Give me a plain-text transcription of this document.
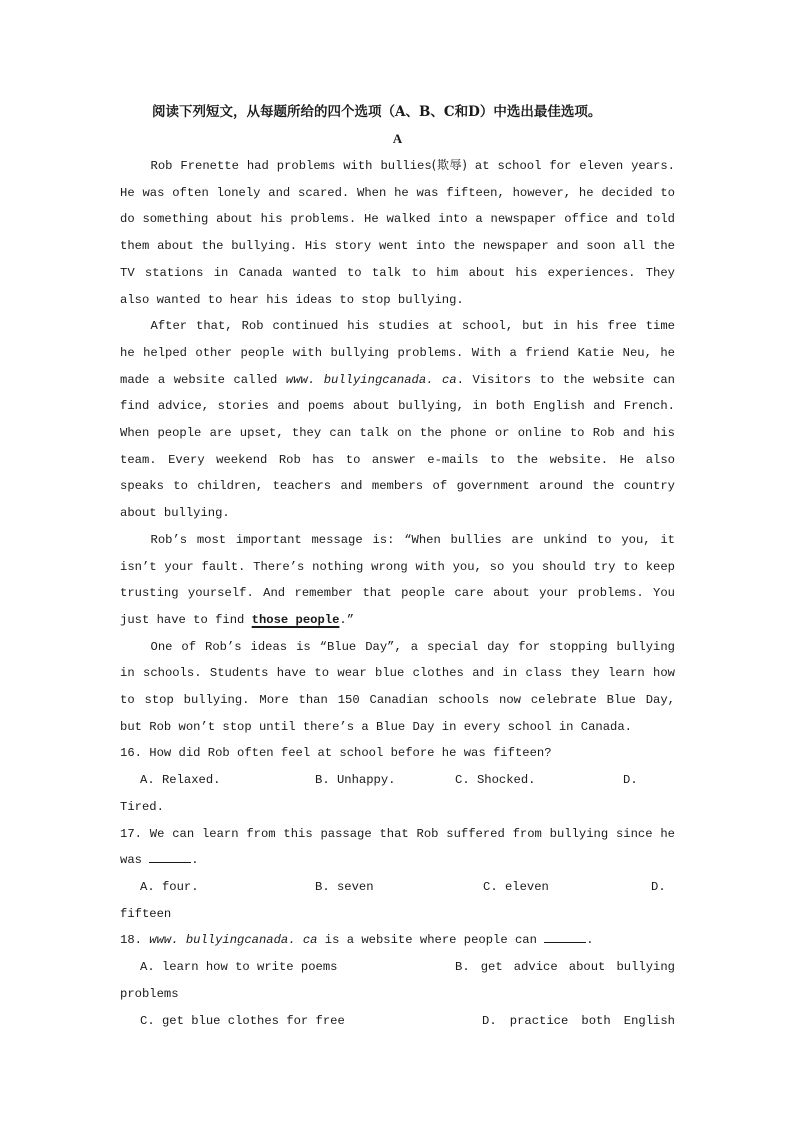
阅读下列短文，从每题所给的四个选项（A、B、C和D）中选出最佳选项。

A

Rob Frenette had problems with bullies(欺辱) at school for eleven years. He was often lonely and scared. When he was fifteen, however, he decided to do something about his problems. He walked into a newspaper office and told them about the bullying. His story went into the newspaper and soon all the TV stations in Canada wanted to talk to him about his experiences. They also wanted to hear his ideas to stop bullying.

After that, Rob continued his studies at school, but in his free time he helped other people with bullying problems. With a friend Katie Neu, he made a website called www. bullyingcanada. ca. Visitors to the website can find advice, stories and poems about bullying, in both English and French. When people are upset, they can talk on the phone or online to Rob and his team. Every weekend Rob has to answer e-mails to the website. He also speaks to children, teachers and members of government around the country about bullying.

Rob’s most important message is: “When bullies are unkind to you, it isn’t your fault. There’s nothing wrong with you, so you should try to keep trusting yourself. And remember that people care about your problems. You just have to find those people.”

One of Rob’s ideas is “Blue Day”, a special day for stopping bullying in schools. Students have to wear blue clothes and in class they learn how to stop bullying. More than 150 Canadian schools now celebrate Blue Day, but Rob won’t stop until there’s a Blue Day in every school in Canada.

16. How did Rob often feel at school before he was fifteen?

A. Relaxed.	B. Unhappy.	C. Shocked.	D.

Tired.

17. We can learn from this passage that Rob suffered from bullying since he was	.

A. four.	B. seven	C. eleven	D.

fifteen

18. www. bullyingcanada. ca is a website where people can	.

A. learn how to write poems	B. get advice about bullying

problems

C. get blue clothes for free	D. practice both English
